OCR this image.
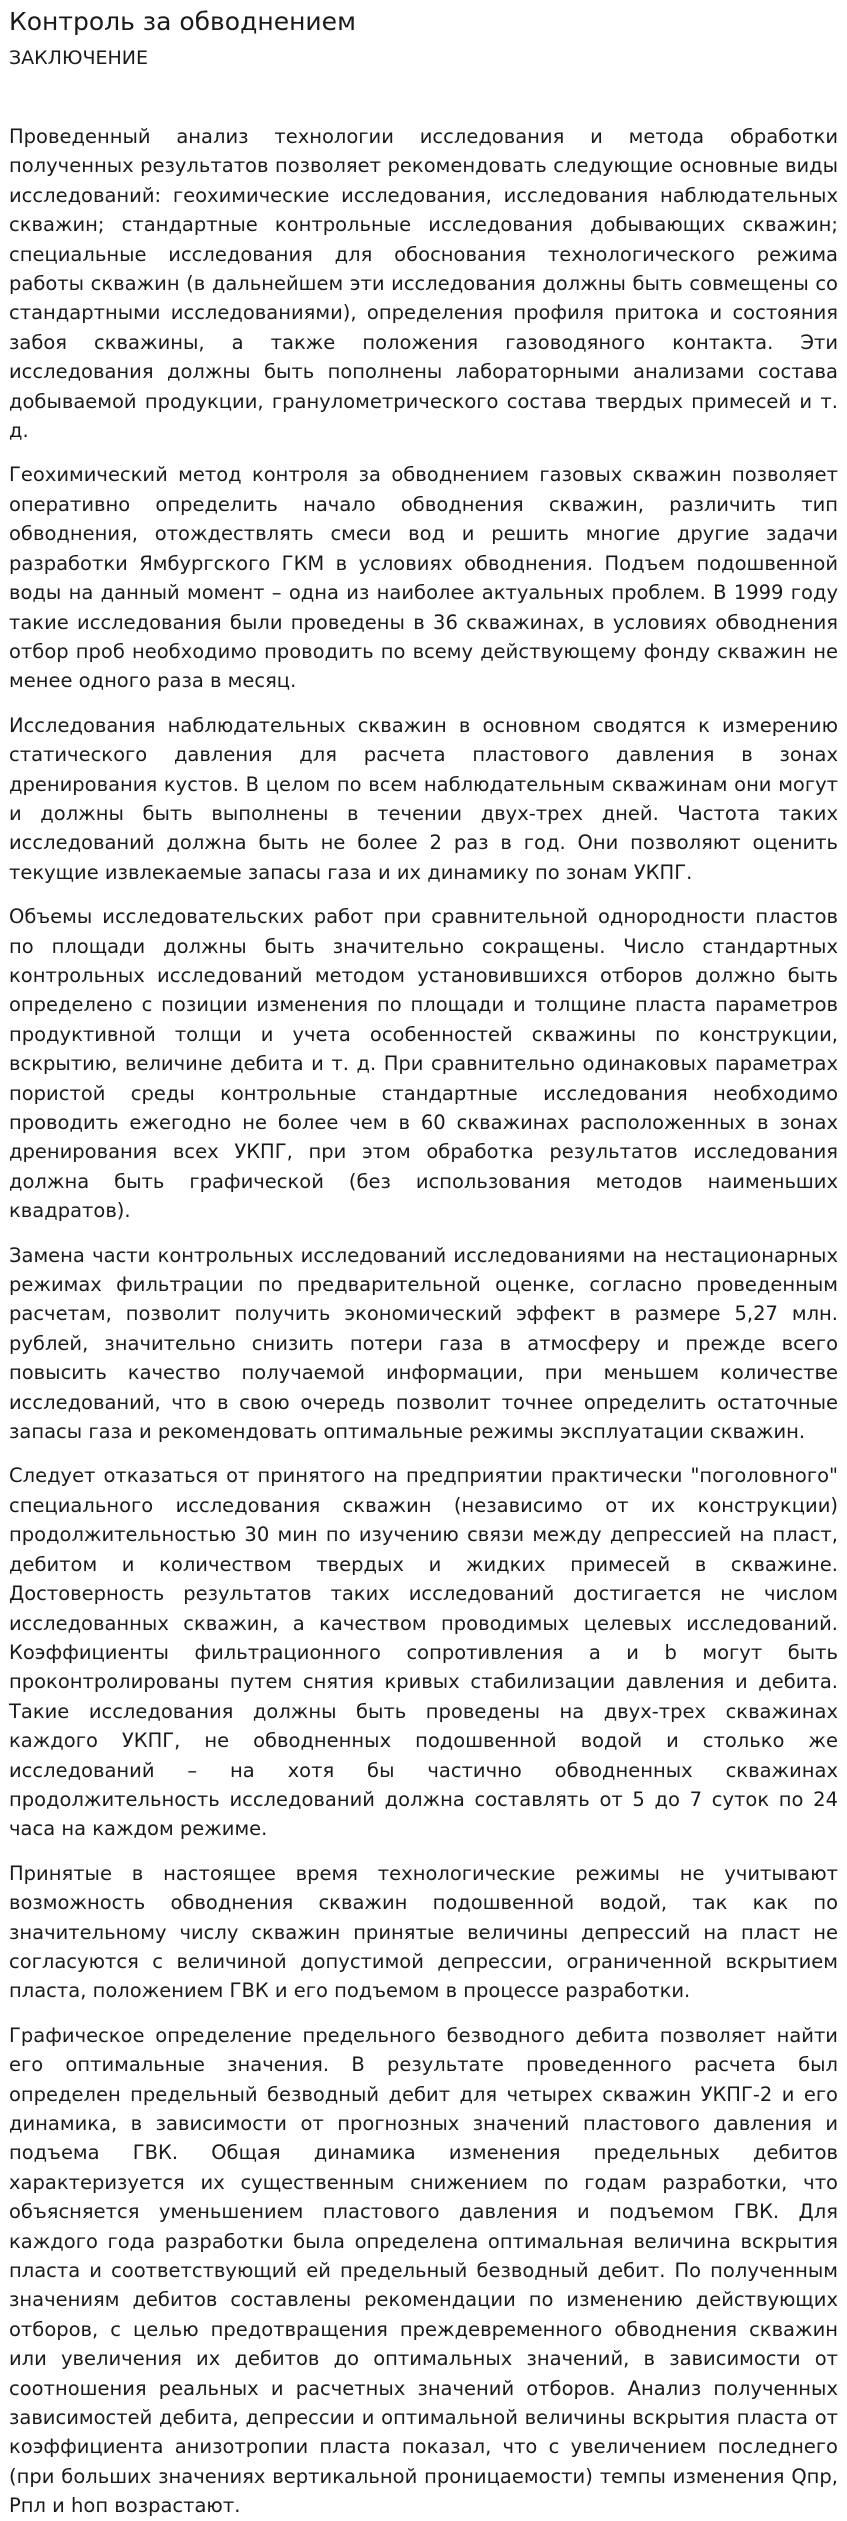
Контроль за обводнением
ЗАКЛЮЧЕНИЕ

Проведенный анализ технологии исследования и метода обработки полученных результатов позволяет рекомендовать следующие основные виды исследований: геохимические исследования, исследования наблюдательных скважин; стандартные контрольные исследования добывающих скважин; специальные исследования для обоснования технологического режима работы скважин (в дальнейшем эти исследования должны быть совмещены со стандартными исследованиями), определения профиля притока и состояния забоя скважины, а также положения газоводяного контакта. Эти исследования должны быть пополнены лабораторными анализами состава добываемой продукции, гранулометрического состава твердых примесей и т. д.

Геохимический метод контроля за обводнением газовых скважин позволяет оперативно определить начало обводнения скважин, различить тип обводнения, отождествлять смеси вод и решить многие другие задачи разработки Ямбургского ГКМ в условиях обводнения. Подъем подошвенной воды на данный момент – одна из наиболее актуальных проблем. В 1999 году такие исследования были проведены в 36 скважинах, в условиях обводнения отбор проб необходимо проводить по всему действующему фонду скважин не менее одного раза в месяц.

Исследования наблюдательных скважин в основном сводятся к измерению статического давления для расчета пластового давления в зонах дренирования кустов. В целом по всем наблюдательным скважинам они могут и должны быть выполнены в течении двух-трех дней. Частота таких исследований должна быть не более 2 раз в год. Они позволяют оценить текущие извлекаемые запасы газа и их динамику по зонам УКПГ.

Объемы исследовательских работ при сравнительной однородности пластов по площади должны быть значительно сокращены. Число стандартных контрольных исследований методом установившихся отборов должно быть определено с позиции изменения по площади и толщине пласта параметров продуктивной толщи и учета особенностей скважины по конструкции, вскрытию, величине дебита и т. д. При сравнительно одинаковых параметрах пористой среды контрольные стандартные исследования необходимо проводить ежегодно не более чем в 60 скважинах расположенных в зонах дренирования всех УКПГ, при этом обработка результатов исследования должна быть графической (без использования методов наименьших квадратов).

Замена части контрольных исследований исследованиями на нестационарных режимах фильтрации по предварительной оценке, согласно проведенным расчетам, позволит получить экономический эффект в размере 5,27 млн. рублей, значительно снизить потери газа в атмосферу и прежде всего повысить качество получаемой информации, при меньшем количестве исследований, что в свою очередь позволит точнее определить остаточные запасы газа и рекомендовать оптимальные режимы эксплуатации скважин.

Следует отказаться от принятого на предприятии практически "поголовного" специального исследования скважин (независимо от их конструкции) продолжительностью 30 мин по изучению связи между депрессией на пласт, дебитом и количеством твердых и жидких примесей в скважине. Достоверность результатов таких исследований достигается не числом исследованных скважин, а качеством проводимых целевых исследований. Коэффициенты фильтрационного сопротивления a и b могут быть проконтролированы путем снятия кривых стабилизации давления и дебита. Такие исследования должны быть проведены на двух-трех скважинах каждого УКПГ, не обводненных подошвенной водой и столько же исследований – на хотя бы частично обводненных скважинах продолжительность исследований должна составлять от 5 до 7 суток по 24 часа на каждом режиме.

Принятые в настоящее время технологические режимы не учитывают возможность обводнения скважин подошвенной водой, так как по значительному числу скважин принятые величины депрессий на пласт не согласуются с величиной допустимой депрессии, ограниченной вскрытием пласта, положением ГВК и его подъемом в процессе разработки.

Графическое определение предельного безводного дебита позволяет найти его оптимальные значения. В результате проведенного расчета был определен предельный безводный дебит для четырех скважин УКПГ-2 и его динамика, в зависимости от прогнозных значений пластового давления и подъема ГВК. Общая динамика изменения предельных дебитов характеризуется их существенным снижением по годам разработки, что объясняется уменьшением пластового давления и подъемом ГВК. Для каждого года разработки была определена оптимальная величина вскрытия пласта и соответствующий ей предельный безводный дебит. По полученным значениям дебитов составлены рекомендации по изменению действующих отборов, с целью предотвращения преждевременного обводнения скважин или увеличения их дебитов до оптимальных значений, в зависимости от соотношения реальных и расчетных значений отборов. Анализ полученных зависимостей дебита, депрессии и оптимальной величины вскрытия пласта от коэффициента анизотропии пласта показал, что с увеличением последнего (при больших значениях вертикальной проницаемости) темпы изменения Qпр, Рпл и hоп возрастают.
